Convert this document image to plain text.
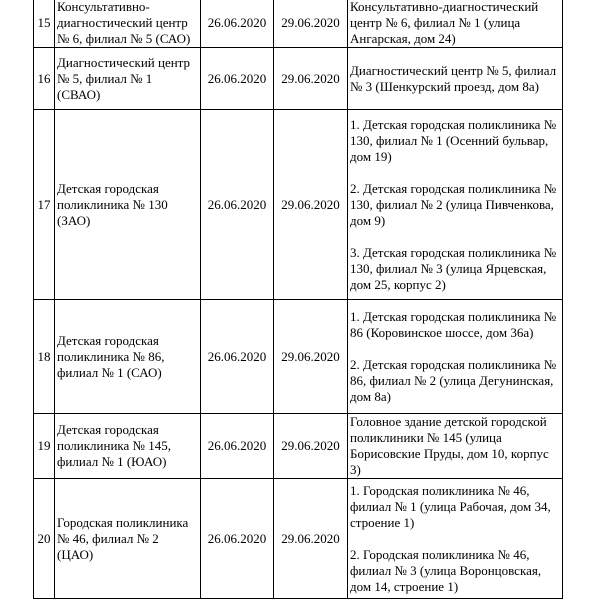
15	Консультативно-диагностический центр № 6, филиал № 5 (САО)	26.06.2020	29.06.2020	Консультативно-диагностический центр № 6, филиал № 1 (улица Ангарская, дом 24)

16	Диагностический центр № 5, филиал № 1 (СВАО)	26.06.2020	29.06.2020	Диагностический центр № 5, филиал № 3 (Шенкурский проезд, дом 8а)

17	Детская городская поликлиника № 130 (ЗАО)	26.06.2020	29.06.2020	1. Детская городская поликлиника № 130, филиал № 1 (Осенний бульвар, дом 19)

2. Детская городская поликлиника № 130, филиал № 2 (улица Пивченкова, дом 9)

3. Детская городская поликлиника № 130, филиал № 3 (улица Ярцевская, дом 25, корпус 2)

18	Детская городская поликлиника № 86, филиал № 1 (САО)	26.06.2020	29.06.2020	1. Детская городская поликлиника № 86 (Коровинское шоссе, дом 36а)

2. Детская городская поликлиника № 86, филиал № 2 (улица Дегунинская, дом 8а)

19	Детская городская поликлиника № 145, филиал № 1 (ЮАО)	26.06.2020	29.06.2020	Головное здание детской городской поликлиники № 145 (улица Борисовские Пруды, дом 10, корпус 3)

20	Городская поликлиника № 46, филиал № 2 (ЦАО)	26.06.2020	29.06.2020	1. Городская поликлиника № 46, филиал № 1 (улица Рабочая, дом 34, строение 1)

2. Городская поликлиника № 46, филиал № 3 (улица Воронцовская, дом 14, строение 1)
